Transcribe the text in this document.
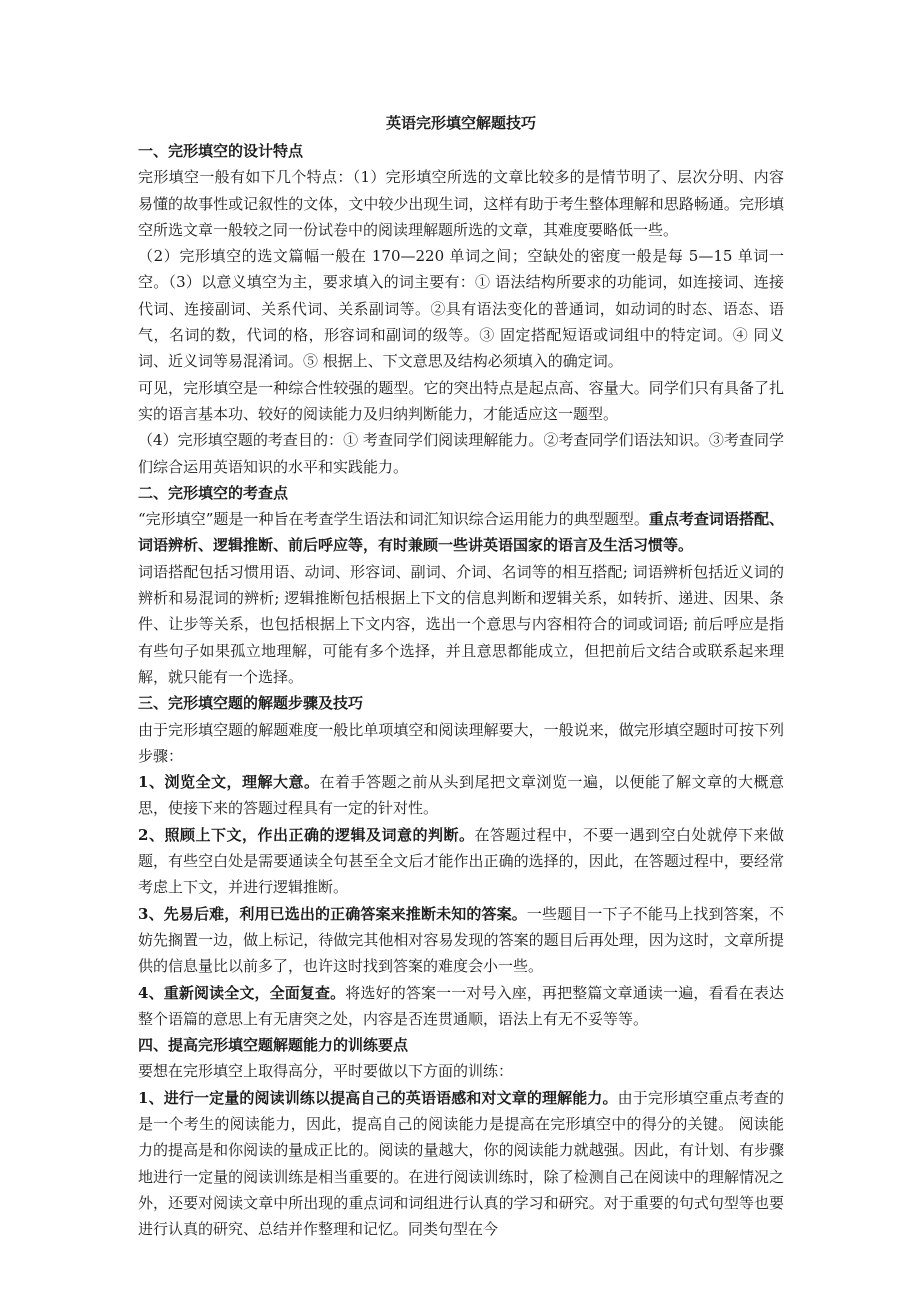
英语完形填空解题技巧
一、完形填空的设计特点

完形填空一般有如下几个特点：（1）完形填空所选的文章比较多的是情节明了、层次分明、内容易懂的故事性或记叙性的文体，文中较少出现生词，这样有助于考生整体理解和思路畅通。完形填空所选文章一般较之同一份试卷中的阅读理解题所选的文章，其难度要略低一些。

（2）完形填空的选文篇幅一般在 170—220 单词之间；空缺处的密度一般是每 5—15 单词一空。（3）以意义填空为主，要求填入的词主要有：① 语法结构所要求的功能词，如连接词、连接代词、连接副词、关系代词、关系副词等。②具有语法变化的普通词，如动词的时态、语态、语气，名词的数，代词的格，形容词和副词的级等。③ 固定搭配短语或词组中的特定词。④ 同义词、近义词等易混淆词。⑤ 根据上、下文意思及结构必须填入的确定词。

可见，完形填空是一种综合性较强的题型。它的突出特点是起点高、容量大。同学们只有具备了扎实的语言基本功、较好的阅读能力及归纳判断能力，才能适应这一题型。

（4）完形填空题的考查目的：① 考查同学们阅读理解能力。②考查同学们语法知识。③考查同学们综合运用英语知识的水平和实践能力。

二、完形填空的考查点

“完形填空”题是一种旨在考查学生语法和词汇知识综合运用能力的典型题型。重点考查词语搭配、词语辨析、逻辑推断、前后呼应等，有时兼顾一些讲英语国家的语言及生活习惯等。

词语搭配包括习惯用语、动词、形容词、副词、介词、名词等的相互搭配; 词语辨析包括近义词的辨析和易混词的辨析; 逻辑推断包括根据上下文的信息判断和逻辑关系，如转折、递进、因果、条件、让步等关系，也包括根据上下文内容，选出一个意思与内容相符合的词或词语; 前后呼应是指有些句子如果孤立地理解，可能有多个选择，并且意思都能成立，但把前后文结合或联系起来理解，就只能有一个选择。

三、完形填空题的解题步骤及技巧

由于完形填空题的解题难度一般比单项填空和阅读理解要大，一般说来，做完形填空题时可按下列步骤：

1、浏览全文，理解大意。在着手答题之前从头到尾把文章浏览一遍，以便能了解文章的大概意思，使接下来的答题过程具有一定的针对性。

2、照顾上下文，作出正确的逻辑及词意的判断。在答题过程中，不要一遇到空白处就停下来做题，有些空白处是需要通读全句甚至全文后才能作出正确的选择的，因此，在答题过程中，要经常考虑上下文，并进行逻辑推断。

3、先易后难，利用已选出的正确答案来推断未知的答案。一些题目一下子不能马上找到答案，不妨先搁置一边，做上标记，待做完其他相对容易发现的答案的题目后再处理，因为这时，文章所提供的信息量比以前多了，也许这时找到答案的难度会小一些。

4、重新阅读全文，全面复查。将选好的答案一一对号入座，再把整篇文章通读一遍，看看在表达整个语篇的意思上有无唐突之处，内容是否连贯通顺，语法上有无不妥等等。

四、提高完形填空题解题能力的训练要点

要想在完形填空上取得高分，平时要做以下方面的训练：

1、进行一定量的阅读训练以提高自己的英语语感和对文章的理解能力。由于完形填空重点考查的是一个考生的阅读能力，因此，提高自己的阅读能力是提高在完形填空中的得分的关键。 阅读能力的提高是和你阅读的量成正比的。阅读的量越大，你的阅读能力就越强。因此，有计划、有步骤地进行一定量的阅读训练是相当重要的。在进行阅读训练时，除了检测自己在阅读中的理解情况之外，还要对阅读文章中所出现的重点词和词组进行认真的学习和研究。对于重要的句式句型等也要进行认真的研究、总结并作整理和记忆。同类句型在今
